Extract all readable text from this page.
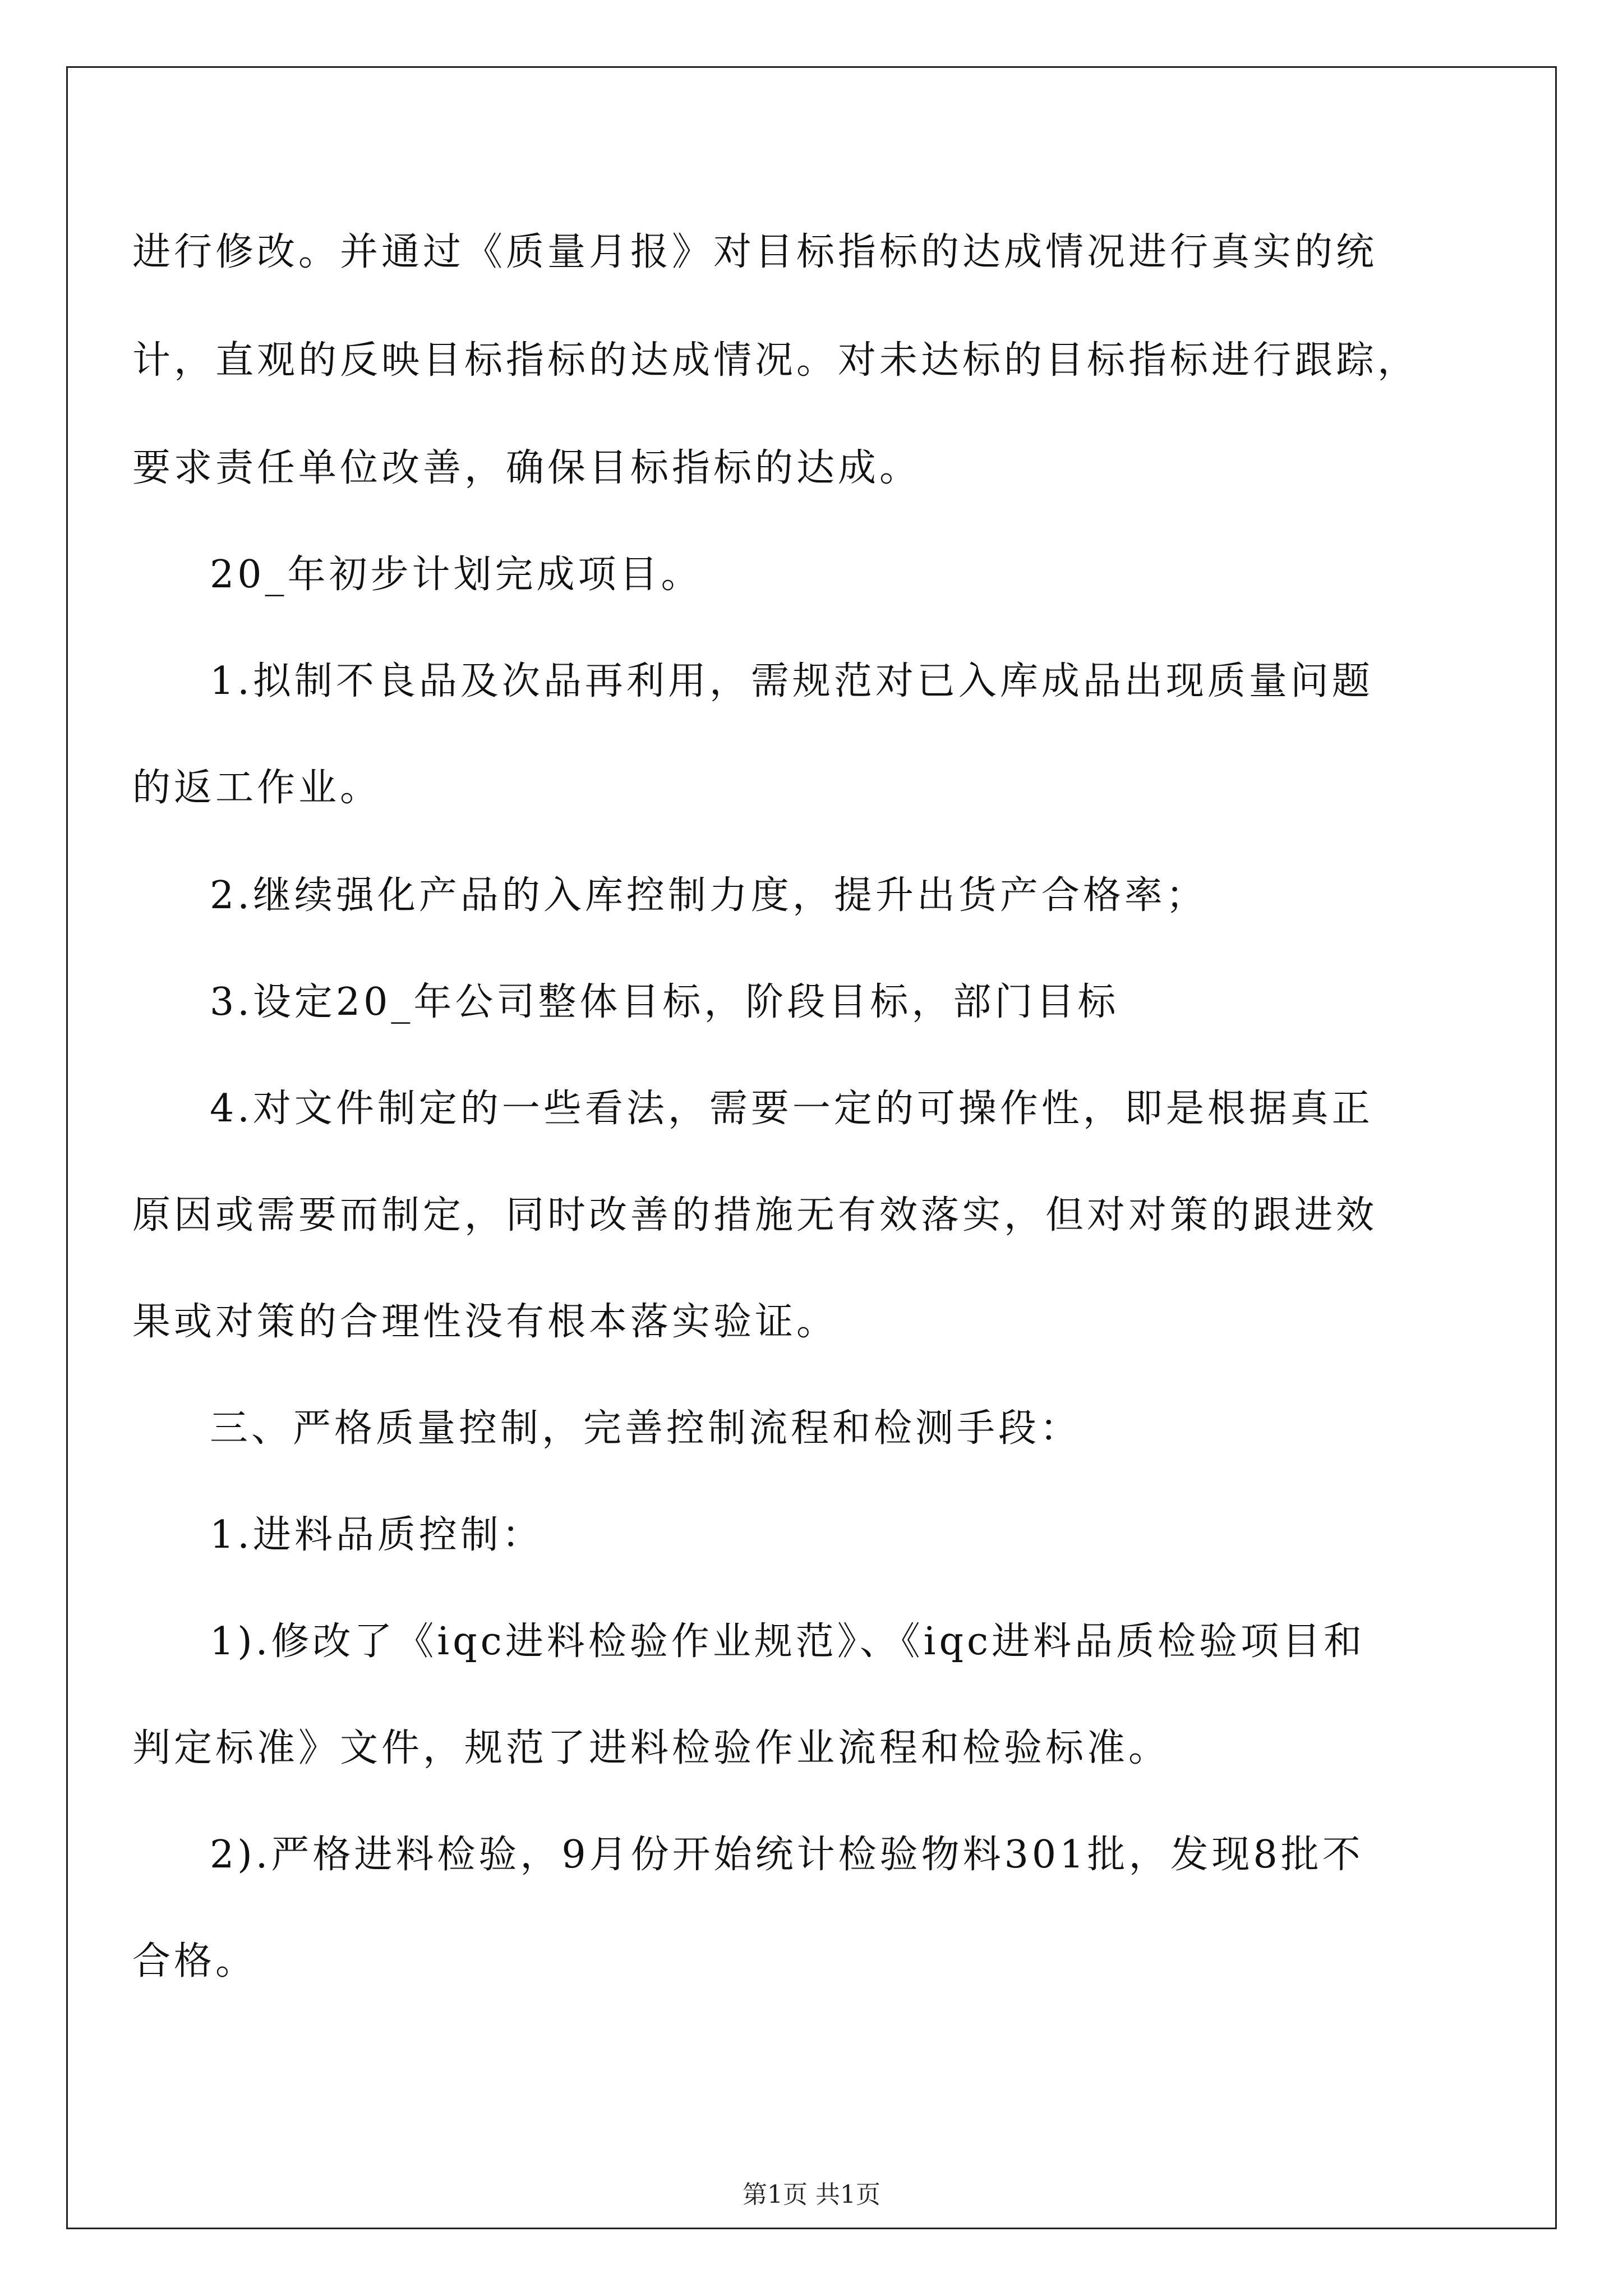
进行修改。并通过《质量月报》对目标指标的达成情况进行真实的统
计，直观的反映目标指标的达成情况。对未达标的目标指标进行跟踪，
要求责任单位改善，确保目标指标的达成。
20_年初步计划完成项目。
1.拟制不良品及次品再利用，需规范对已入库成品出现质量问题
的返工作业。
2.继续强化产品的入库控制力度，提升出货产合格率；
3.设定20_年公司整体目标，阶段目标，部门目标
4.对文件制定的一些看法，需要一定的可操作性，即是根据真正
原因或需要而制定，同时改善的措施无有效落实，但对对策的跟进效
果或对策的合理性没有根本落实验证。
三、严格质量控制，完善控制流程和检测手段：
1.进料品质控制：
1).修改了《iqc进料检验作业规范》、《iqc进料品质检验项目和
判定标准》文件，规范了进料检验作业流程和检验标准。
2).严格进料检验，9月份开始统计检验物料301批，发现8批不
合格。
第1页 共1页
